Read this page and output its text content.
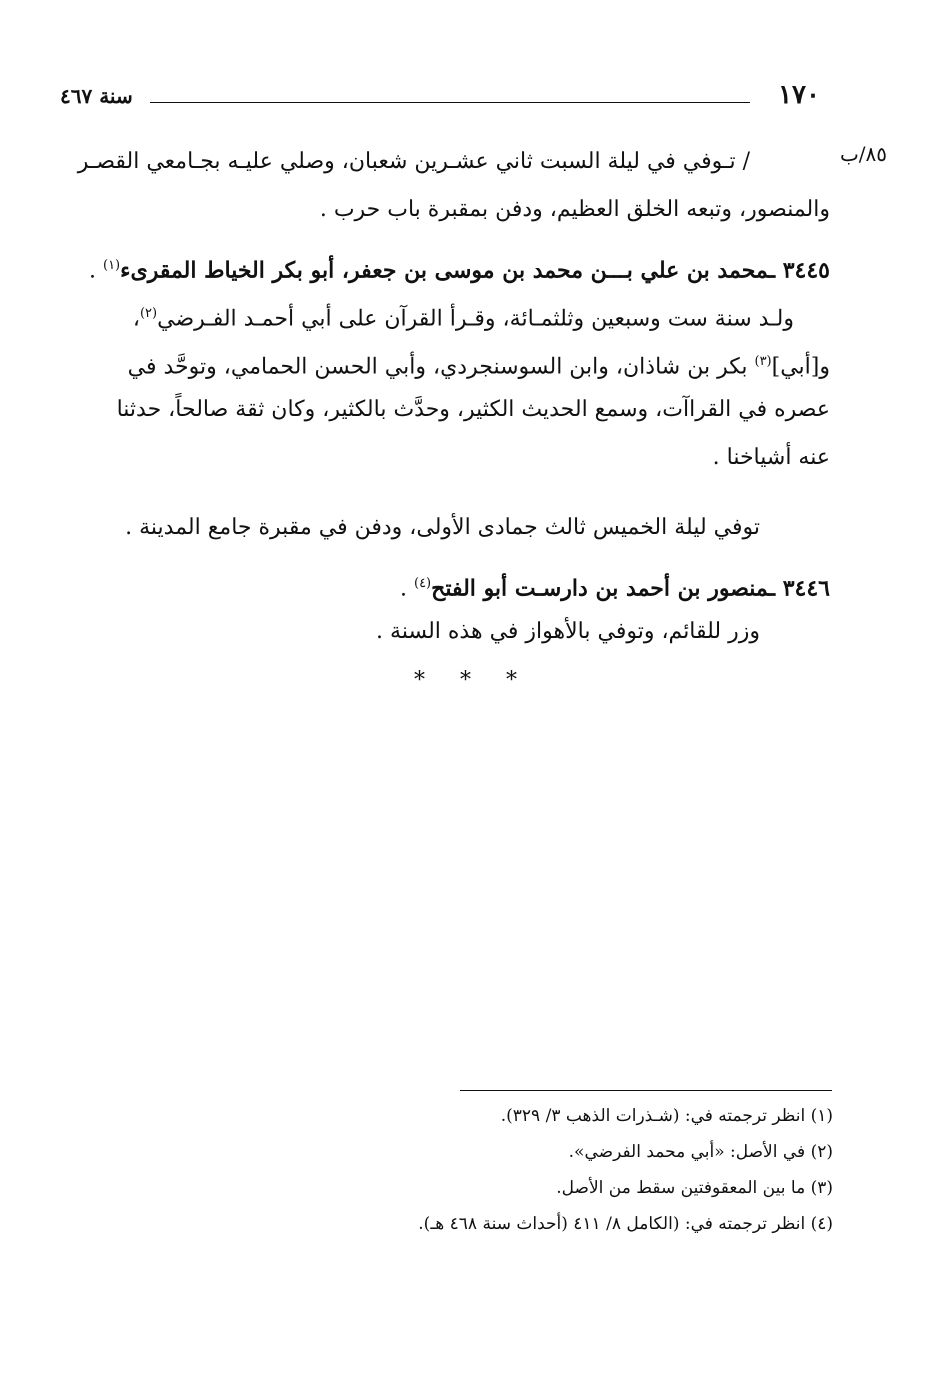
١٧٠
سنة ٤٦٧
٨٥/ب
/ تـوفي في ليلة السبت ثاني عشـرين شعبان، وصلي عليـه بجـامعي القصـر
والمنصور، وتبعه الخلق العظيم، ودفن بمقبرة باب حرب .
٣٤٤٥ ـمحمد بن علي بـــن محمد بن موسى بن جعفر، أبو بكر الخياط المقرىء$^{(١)}$ .
ولـد سنة ست وسبعين وثلثمـائة، وقـرأ القرآن على أبي أحمـد الفـرضي$^{(٢)}$،
و[أبي]$^{(٣)}$ بكر بن شاذان، وابن السوسنجردي، وأبي الحسن الحمامي، وتوحَّد في
عصره في القراآت، وسمع الحديث الكثير، وحدَّث بالكثير، وكان ثقة صالحاً، حدثنا
عنه أشياخنا .
توفي ليلة الخميس ثالث جمادى الأولى، ودفن في مقبرة جامع المدينة .
٣٤٤٦ ـمنصور بن أحمد بن دارسـت أبو الفتح$^{(٤)}$ .
وزر للقائم، وتوفي بالأهواز في هذه السنة .
* * *
(١) انظر ترجمته في: (شـذرات الذهب ٣/ ٣٢٩).
(٢) في الأصل: «أبي محمد الفرضي».
(٣) ما بين المعقوفتين سقط من الأصل.
(٤) انظر ترجمته في: (الكامل ٨/ ٤١١ (أحداث سنة ٤٦٨ هـ).
